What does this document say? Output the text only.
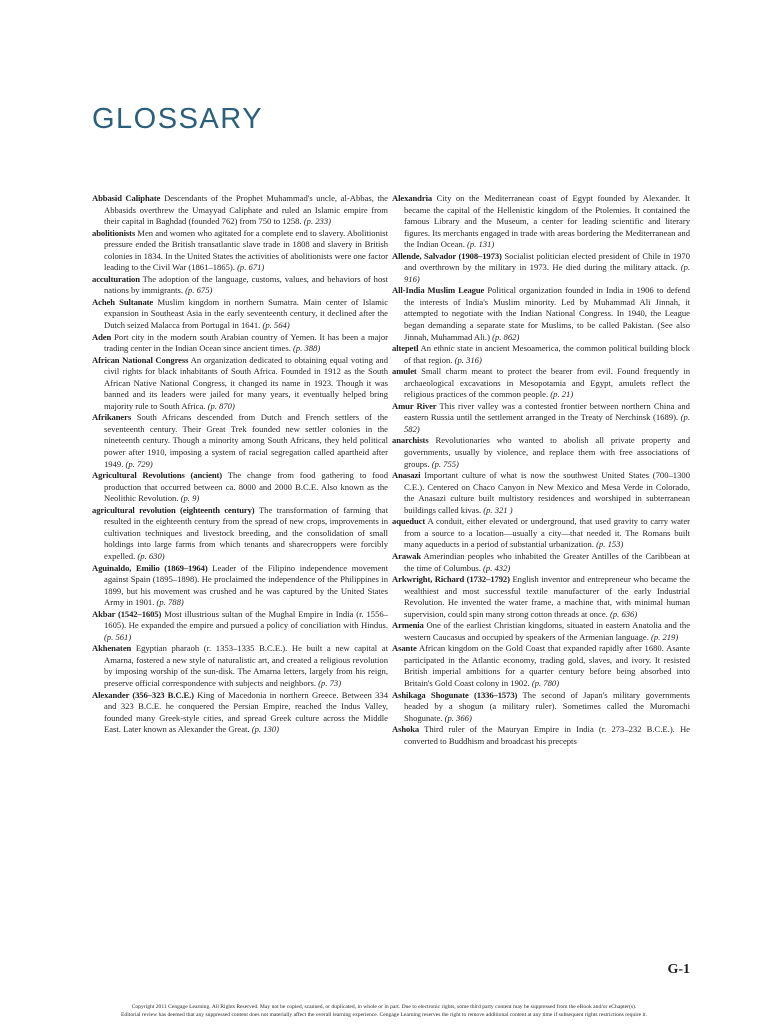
GLOSSARY

Abbasid Caliphate Descendants of the Prophet Muhammad's uncle, al-Abbas, the Abbasids overthrew the Umayyad Caliphate and ruled an Islamic empire from their capital in Baghdad (founded 762) from 750 to 1258. (p. 233)

abolitionists Men and women who agitated for a complete end to slavery. Abolitionist pressure ended the British transatlantic slave trade in 1808 and slavery in British colonies in 1834. In the United States the activities of abolitionists were one factor leading to the Civil War (1861–1865). (p. 671)

acculturation The adoption of the language, customs, values, and behaviors of host nations by immigrants. (p. 675)

Acheh Sultanate Muslim kingdom in northern Sumatra. Main center of Islamic expansion in Southeast Asia in the early seventeenth century, it declined after the Dutch seized Malacca from Portugal in 1641. (p. 564)

Aden Port city in the modern south Arabian country of Yemen. It has been a major trading center in the Indian Ocean since ancient times. (p. 388)

African National Congress An organization dedicated to obtaining equal voting and civil rights for black inhabitants of South Africa. Founded in 1912 as the South African Native National Congress, it changed its name in 1923. Though it was banned and its leaders were jailed for many years, it eventually helped bring majority rule to South Africa. (p. 870)

Afrikaners South Africans descended from Dutch and French settlers of the seventeenth century. Their Great Trek founded new settler colonies in the nineteenth century. Though a minority among South Africans, they held political power after 1910, imposing a system of racial segregation called apartheid after 1949. (p. 729)

Agricultural Revolutions (ancient) The change from food gathering to food production that occurred between ca. 8000 and 2000 B.C.E. Also known as the Neolithic Revolution. (p. 9)

agricultural revolution (eighteenth century) The transformation of farming that resulted in the eighteenth century from the spread of new crops, improvements in cultivation techniques and livestock breeding, and the consolidation of small holdings into large farms from which tenants and sharecroppers were forcibly expelled. (p. 630)

Aguinaldo, Emilio (1869–1964) Leader of the Filipino independence movement against Spain (1895–1898). He proclaimed the independence of the Philippines in 1899, but his movement was crushed and he was captured by the United States Army in 1901. (p. 788)

Akbar (1542–1605) Most illustrious sultan of the Mughal Empire in India (r. 1556–1605). He expanded the empire and pursued a policy of conciliation with Hindus. (p. 561)

Akhenaten Egyptian pharaoh (r. 1353–1335 B.C.E.). He built a new capital at Amarna, fostered a new style of naturalistic art, and created a religious revolution by imposing worship of the sun-disk. The Amarna letters, largely from his reign, preserve official correspondence with subjects and neighbors. (p. 73)

Alexander (356–323 B.C.E.) King of Macedonia in northern Greece. Between 334 and 323 B.C.E. he conquered the Persian Empire, reached the Indus Valley, founded many Greek-style cities, and spread Greek culture across the Middle East. Later known as Alexander the Great. (p. 130)

Alexandria City on the Mediterranean coast of Egypt founded by Alexander. It became the capital of the Hellenistic kingdom of the Ptolemies. It contained the famous Library and the Museum, a center for leading scientific and literary figures. Its merchants engaged in trade with areas bordering the Mediterranean and the Indian Ocean. (p. 131)

Allende, Salvador (1908–1973) Socialist politician elected president of Chile in 1970 and overthrown by the military in 1973. He died during the military attack. (p. 916)

All-India Muslim League Political organization founded in India in 1906 to defend the interests of India's Muslim minority. Led by Muhammad Ali Jinnah, it attempted to negotiate with the Indian National Congress. In 1940, the League began demanding a separate state for Muslims, to be called Pakistan. (See also Jinnah, Muhammad Ali.) (p. 862)

altepetl An ethnic state in ancient Mesoamerica, the common political building block of that region. (p. 316)

amulet Small charm meant to protect the bearer from evil. Found frequently in archaeological excavations in Mesopotamia and Egypt, amulets reflect the religious practices of the common people. (p. 21)

Amur River This river valley was a contested frontier between northern China and eastern Russia until the settlement arranged in the Treaty of Nerchinsk (1689). (p. 582)

anarchists Revolutionaries who wanted to abolish all private property and governments, usually by violence, and replace them with free associations of groups. (p. 755)

Anasazi Important culture of what is now the southwest United States (700–1300 C.E.). Centered on Chaco Canyon in New Mexico and Mesa Verde in Colorado, the Anasazi culture built multistory residences and worshiped in subterranean buildings called kivas. (p. 321 )

aqueduct A conduit, either elevated or underground, that used gravity to carry water from a source to a location—usually a city—that needed it. The Romans built many aqueducts in a period of substantial urbanization. (p. 153)

Arawak Amerindian peoples who inhabited the Greater Antilles of the Caribbean at the time of Columbus. (p. 432)

Arkwright, Richard (1732–1792) English inventor and entrepreneur who became the wealthiest and most successful textile manufacturer of the early Industrial Revolution. He invented the water frame, a machine that, with minimal human supervision, could spin many strong cotton threads at once. (p. 636)

Armenia One of the earliest Christian kingdoms, situated in eastern Anatolia and the western Caucasus and occupied by speakers of the Armenian language. (p. 219)

Asante African kingdom on the Gold Coast that expanded rapidly after 1680. Asante participated in the Atlantic economy, trading gold, slaves, and ivory. It resisted British imperial ambitions for a quarter century before being absorbed into Britain's Gold Coast colony in 1902. (p. 780)

Ashikaga Shogunate (1336–1573) The second of Japan's military governments headed by a shogun (a military ruler). Sometimes called the Muromachi Shogunate. (p. 366)

Ashoka Third ruler of the Mauryan Empire in India (r. 273–232 B.C.E.). He converted to Buddhism and broadcast his precepts

G-1
Copyright 2011 Cengage Learning. All Rights Reserved. May not be copied, scanned, or duplicated, in whole or in part. Due to electronic rights, some third party content may be suppressed from the eBook and/or eChapter(s).
Editorial review has deemed that any suppressed content does not materially affect the overall learning experience. Cengage Learning reserves the right to remove additional content at any time if subsequent rights restrictions require it.
